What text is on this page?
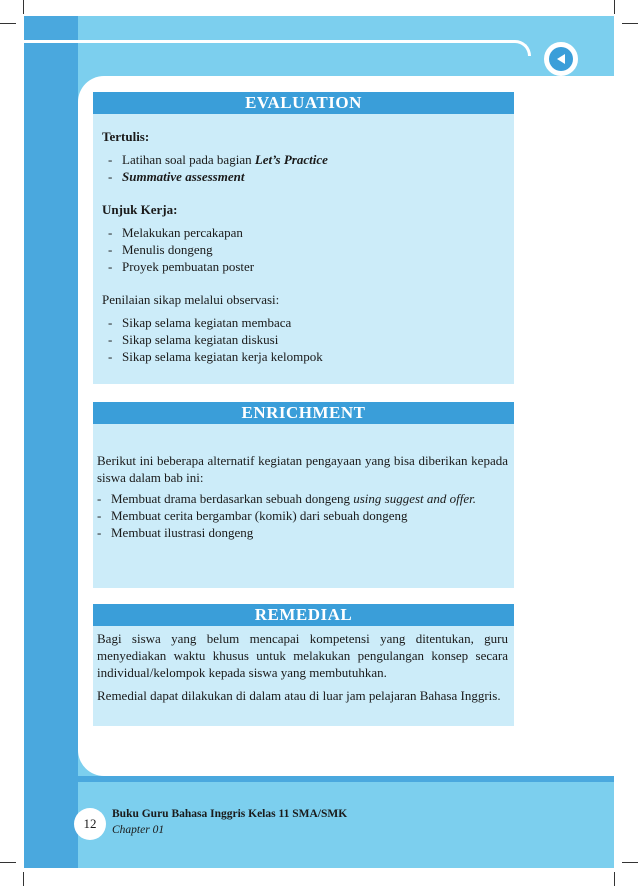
EVALUATION
Tertulis:
- Latihan soal pada bagian Let’s Practice
- Summative assessment
Unjuk Kerja:
- Melakukan percakapan
- Menulis dongeng
- Proyek pembuatan poster
Penilaian sikap melalui observasi:
- Sikap selama kegiatan membaca
- Sikap selama kegiatan diskusi
- Sikap selama kegiatan kerja kelompok
ENRICHMENT
Berikut ini beberapa alternatif kegiatan pengayaan yang bisa diberikan kepada siswa dalam bab ini:
- Membuat drama berdasarkan sebuah dongeng using suggest and offer.
- Membuat cerita bergambar (komik) dari sebuah dongeng
- Membuat ilustrasi dongeng
REMEDIAL
Bagi siswa yang belum mencapai kompetensi yang ditentukan, guru menyediakan waktu khusus untuk melakukan pengulangan konsep secara individual/kelompok kepada siswa yang membutuhkan.
Remedial dapat dilakukan di dalam atau di luar jam pelajaran Bahasa Inggris.
12
Buku Guru Bahasa Inggris Kelas 11 SMA/SMK
Chapter 01
